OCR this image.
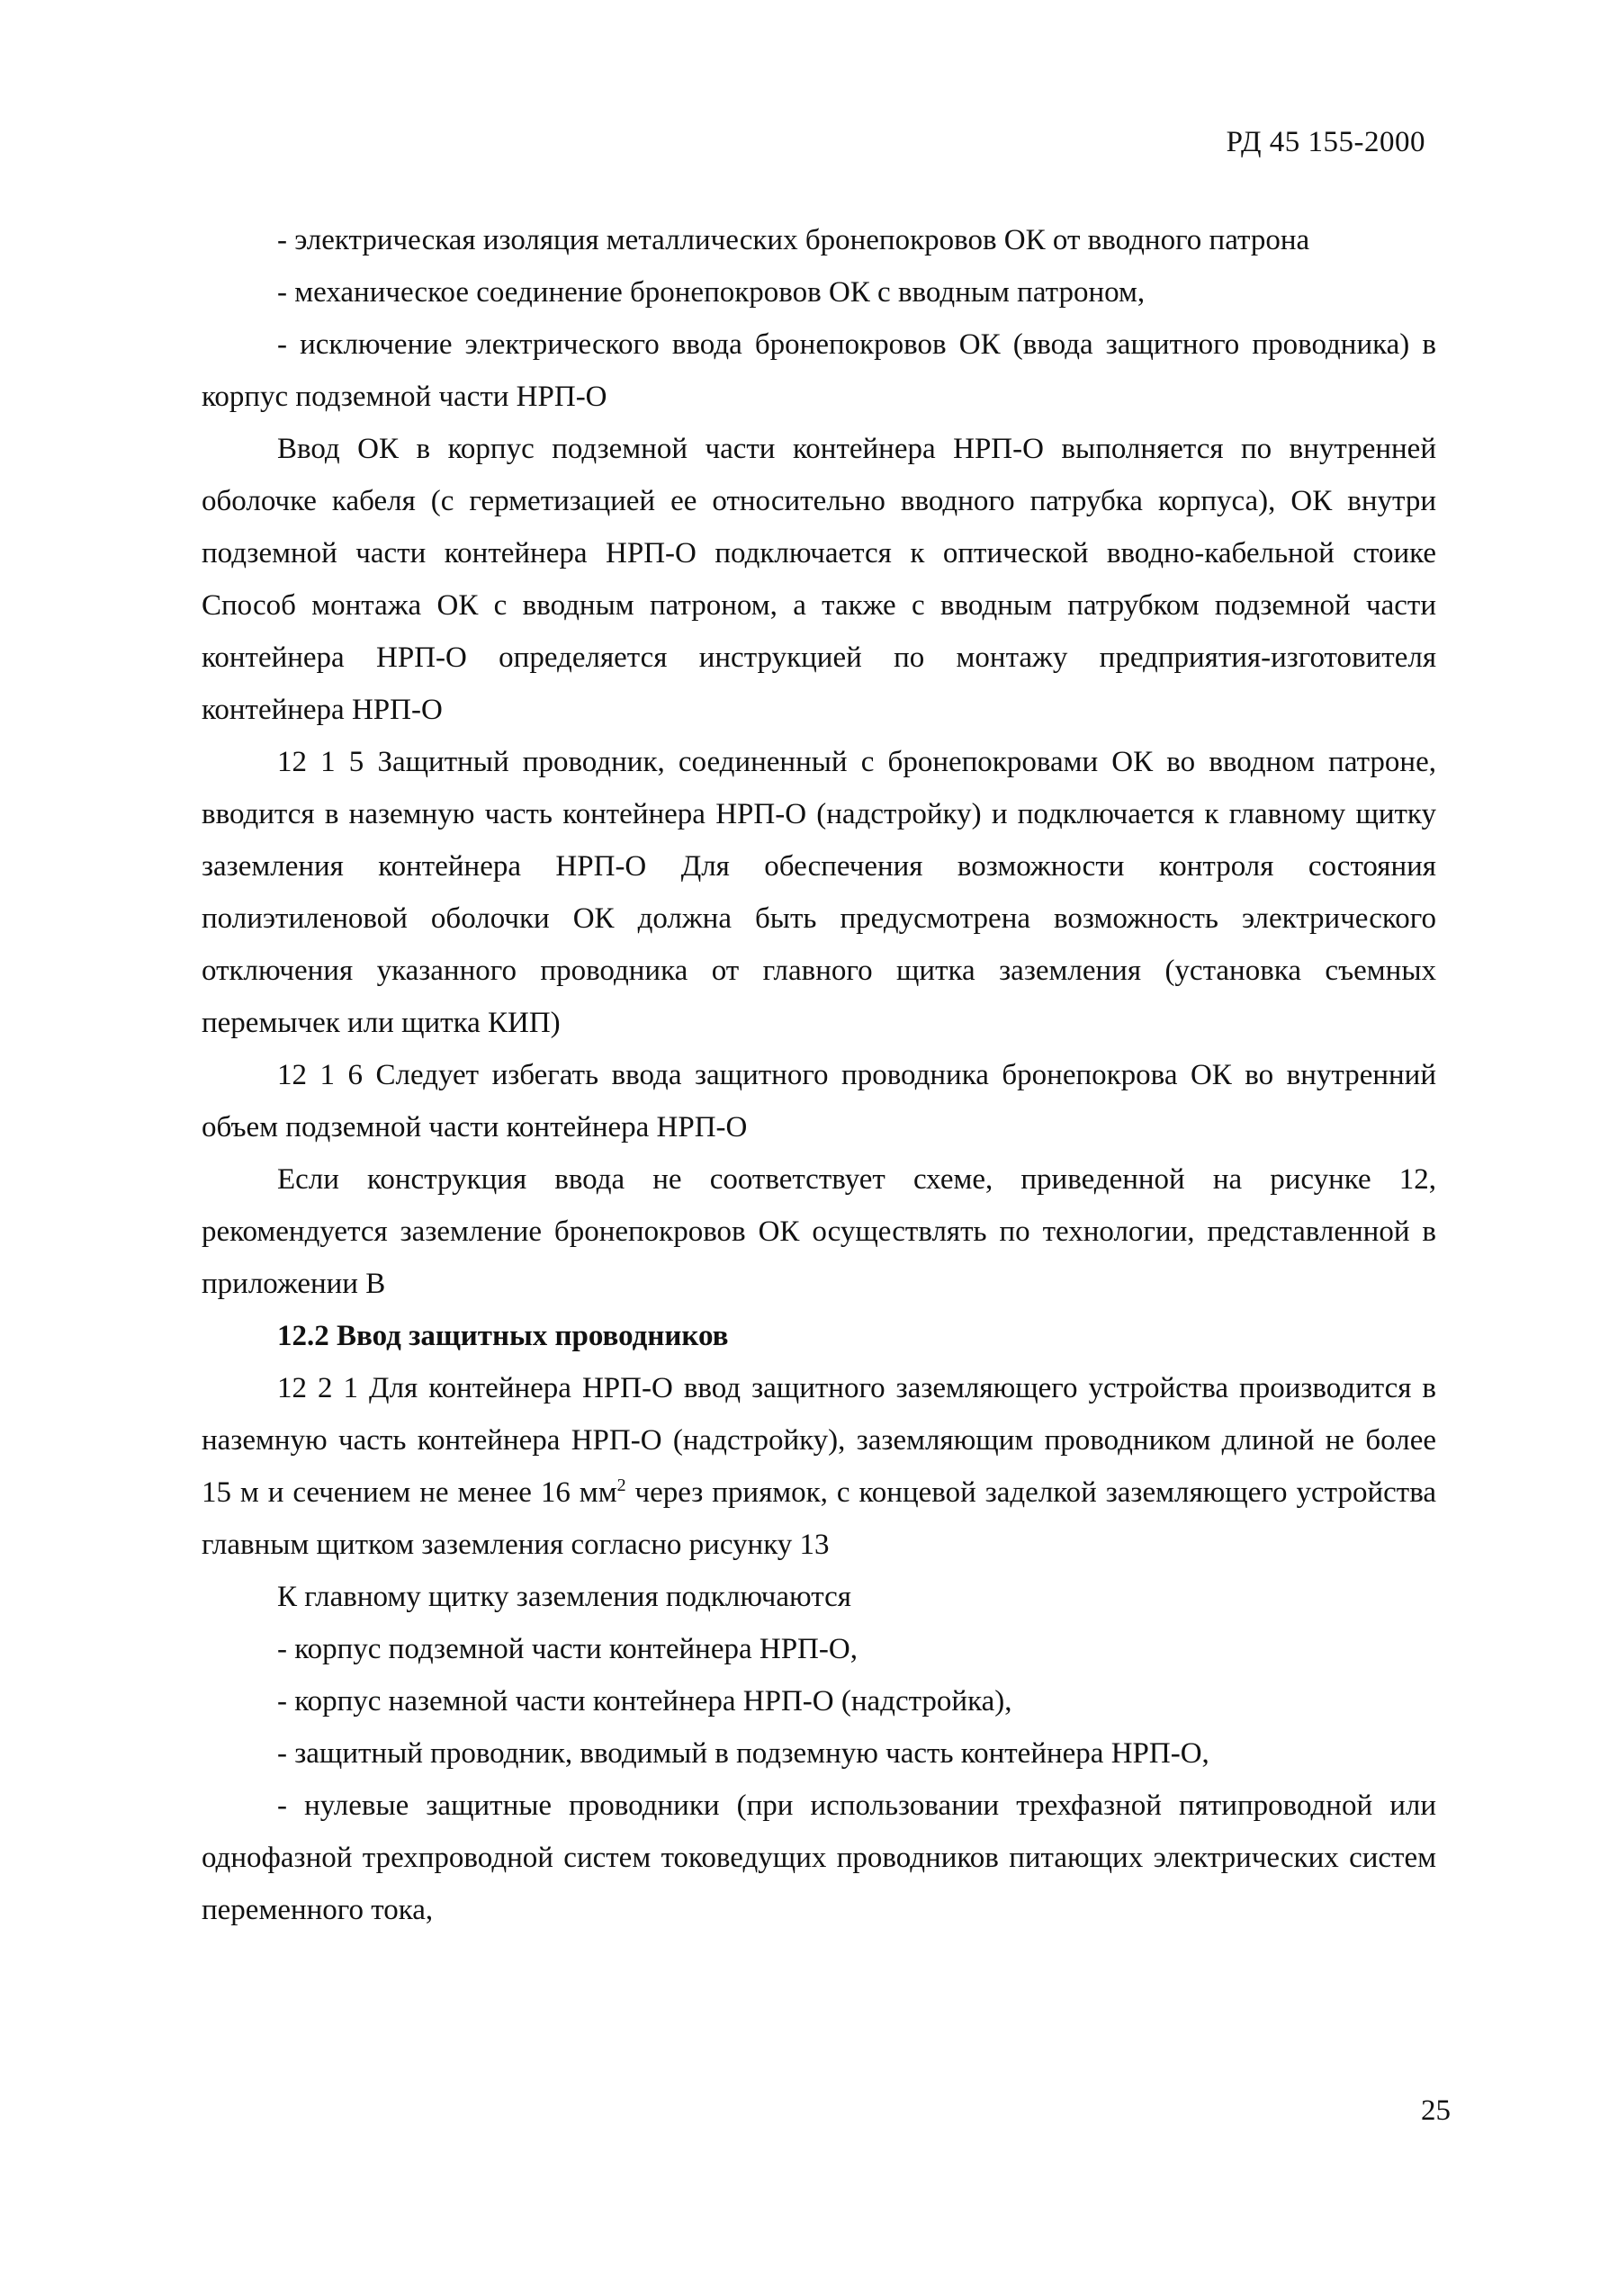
РД 45 155-2000

- электрическая изоляция металлических бронепокровов ОК от вводного патрона

- механическое соединение бронепокровов ОК с вводным патроном,

- исключение электрического ввода бронепокровов ОК (ввода защитного проводника) в корпус подземной части НРП-О

Ввод ОК в корпус подземной части контейнера НРП-О выполняется по внутренней оболочке кабеля (с герметизацией ее относительно вводного патрубка корпуса), ОК внутри подземной части контейнера НРП-О подключается к оптической вводно-кабельной стоике Способ монтажа ОК с вводным патроном, а также с вводным патрубком подземной части контейнера НРП-О определяется инструкцией по монтажу предприятия-изготовителя контейнера НРП-О

12 1 5 Защитный проводник, соединенный с бронепокровами ОК во вводном патроне, вводится в наземную часть контейнера НРП-О (надстройку) и подключается к главному щитку заземления контейнера НРП-О Для обеспечения возможности контроля состояния полиэтиленовой оболочки ОК должна быть предусмотрена возможность электрического отключения указанного проводника от главного щитка заземления (установка съемных перемычек или щитка КИП)

12 1 6 Следует избегать ввода защитного проводника бронепокрова ОК во внутренний объем подземной части контейнера НРП-О

Если конструкция ввода не соответствует схеме, приведенной на рисунке 12, рекомендуется заземление бронепокровов ОК осуществлять по технологии, представленной в приложении В

12.2 Ввод защитных проводников

12 2 1 Для контейнера НРП-О ввод защитного заземляющего устройства производится в наземную часть контейнера НРП-О (надстройку), заземляющим проводником длиной не более 15 м и сечением не менее 16 $мм^2$ через приямок, с концевой заделкой заземляющего устройства главным щитком заземления согласно рисунку 13

К главному щитку заземления подключаются

- корпус подземной части контейнера НРП-О,

- корпус наземной части контейнера НРП-О (надстройка),

- защитный проводник, вводимый в подземную часть контейнера НРП-О,

- нулевые защитные проводники (при использовании трехфазной пятипроводной или однофазной трехпроводной систем токоведущих проводников питающих электрических систем переменного тока,

25
